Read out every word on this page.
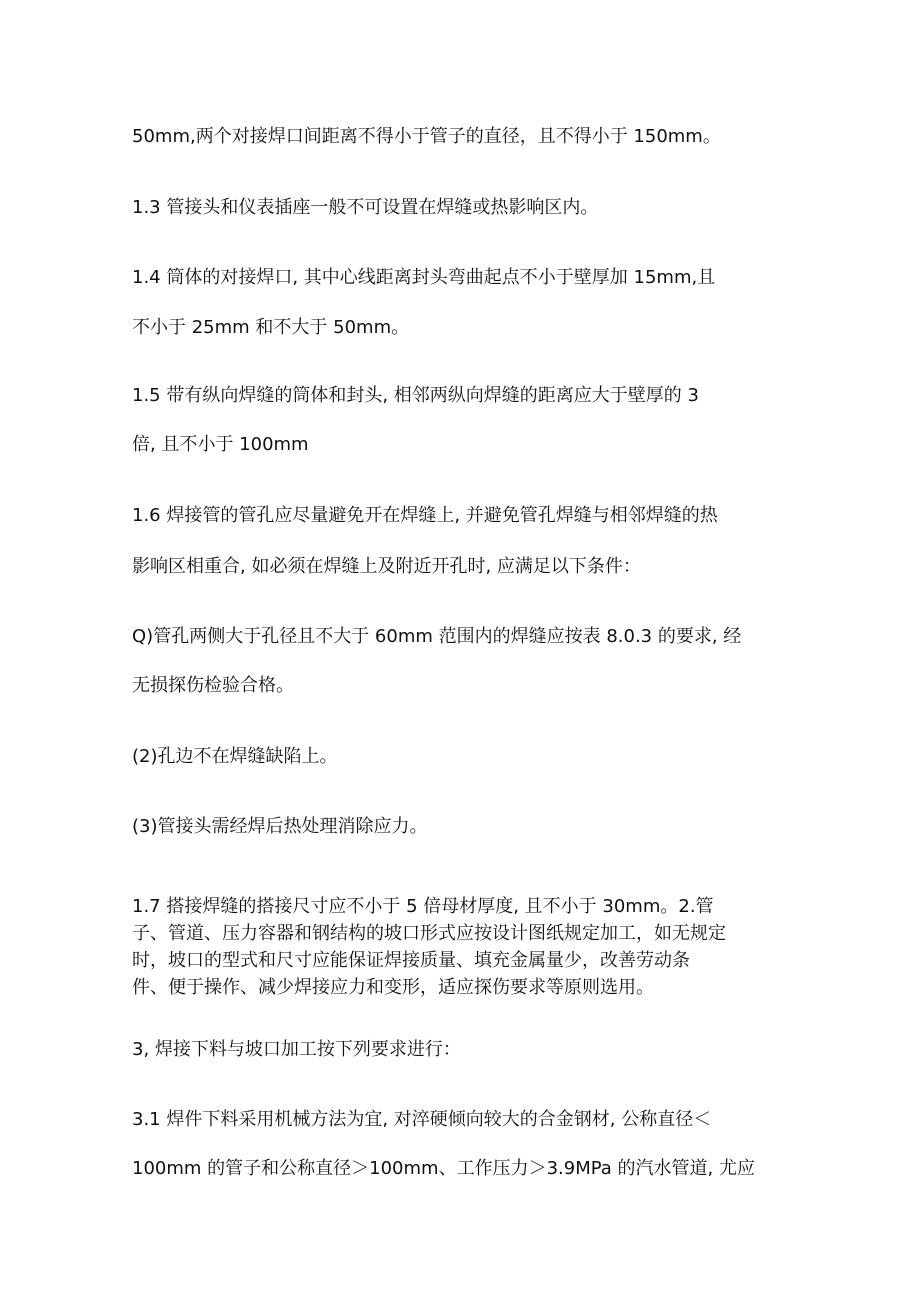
50mm,两个对接焊口间距离不得小于管子的直径，且不得小于 150mm。
1.3 管接头和仪表插座一般不可设置在焊缝或热影响区内。
1.4 筒体的对接焊口, 其中心线距离封头弯曲起点不小于壁厚加 15mm,且
不小于 25mm 和不大于 50mm。
1.5 带有纵向焊缝的筒体和封头, 相邻两纵向焊缝的距离应大于壁厚的 3
倍, 且不小于 100mm
1.6 焊接管的管孔应尽量避免开在焊缝上, 并避免管孔焊缝与相邻焊缝的热
影响区相重合, 如必须在焊缝上及附近开孔时, 应满足以下条件：
Q)管孔两侧大于孔径且不大于 60mm 范围内的焊缝应按表 8.0.3 的要求, 经
无损探伤检验合格。
(2)孔边不在焊缝缺陷上。
(3)管接头需经焊后热处理消除应力。
1.7 搭接焊缝的搭接尺寸应不小于 5 倍母材厚度, 且不小于 30mm。2.管
子、管道、压力容器和钢结构的坡口形式应按设计图纸规定加工，如无规定
时，坡口的型式和尺寸应能保证焊接质量、填充金属量少，改善劳动条
件、便于操作、减少焊接应力和变形，适应探伤要求等原则选用。
3, 焊接下料与坡口加工按下列要求进行：
3.1 焊件下料采用机械方法为宜, 对淬硬倾向较大的合金钢材, 公称直径＜
100mm 的管子和公称直径＞100mm、工作压力＞3.9MPa 的汽水管道, 尤应
